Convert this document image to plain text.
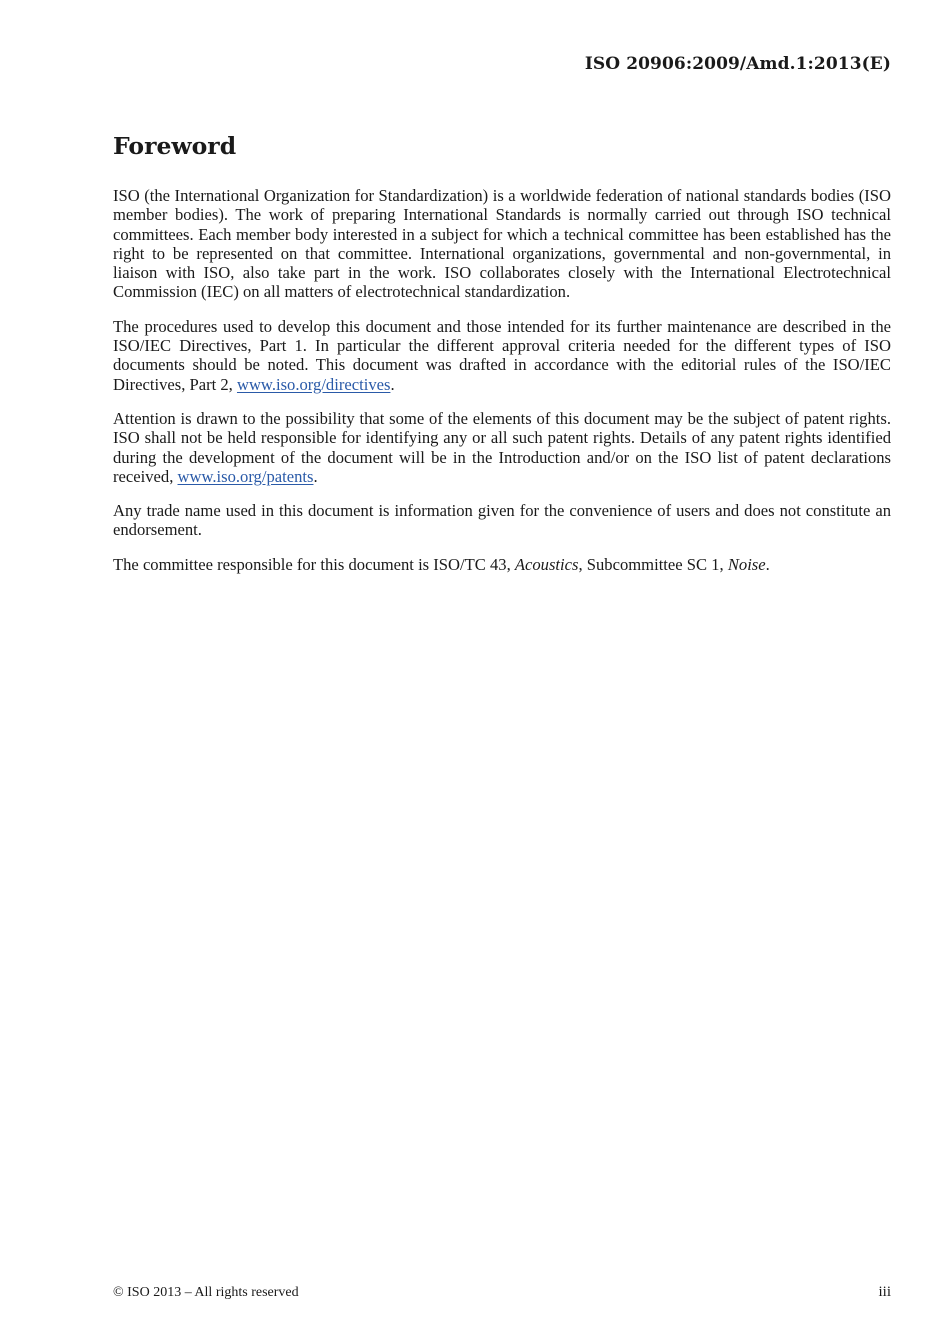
ISO 20906:2009/Amd.1:2013(E)
Foreword

ISO (the International Organization for Standardization) is a worldwide federation of national standards bodies (ISO member bodies). The work of preparing International Standards is normally carried out through ISO technical committees. Each member body interested in a subject for which a technical committee has been established has the right to be represented on that committee. International organizations, governmental and non-governmental, in liaison with ISO, also take part in the work. ISO collaborates closely with the International Electrotechnical Commission (IEC) on all matters of electrotechnical standardization.

The procedures used to develop this document and those intended for its further maintenance are described in the ISO/IEC Directives, Part 1. In particular the different approval criteria needed for the different types of ISO documents should be noted. This document was drafted in accordance with the editorial rules of the ISO/IEC Directives, Part 2, www.iso.org/directives.

Attention is drawn to the possibility that some of the elements of this document may be the subject of patent rights. ISO shall not be held responsible for identifying any or all such patent rights. Details of any patent rights identified during the development of the document will be in the Introduction and/or on the ISO list of patent declarations received, www.iso.org/patents.

Any trade name used in this document is information given for the convenience of users and does not constitute an endorsement.

The committee responsible for this document is ISO/TC 43, Acoustics, Subcommittee SC 1, Noise.

© ISO 2013 – All rights reserved	iii
